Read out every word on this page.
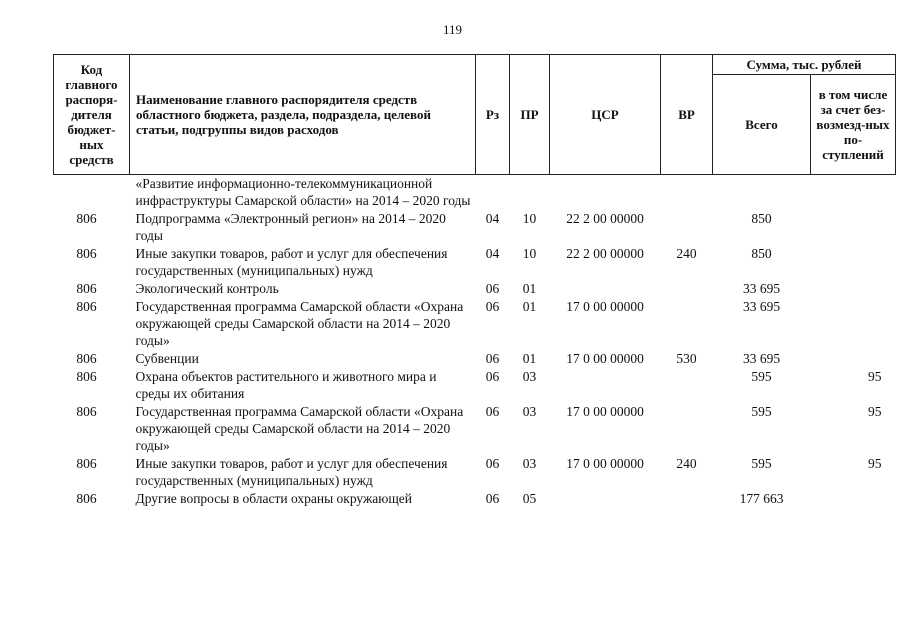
119
Код главного распоря-дителя бюджет-ных средств	Наименование главного распорядителя средств областного бюджета, раздела, подраздела, целевой статьи, подгруппы видов расходов	Рз	ПР	ЦСР	ВР	Сумма, тыс. рублей	
						Всего	в том числе за счет без-возмезд-ных по-ступлений
	«Развитие информационно-телекоммуникационной инфраструктуры Самарской области» на 2014 – 2020 годы						
806	Подпрограмма «Электронный регион» на 2014 – 2020 годы	04	10	22 2 00 00000		850	
806	Иные закупки товаров, работ и услуг для обеспечения государственных (муниципальных) нужд	04	10	22 2 00 00000	240	850	
806	Экологический контроль	06	01			33 695	
806	Государственная программа Самарской области «Охрана окружающей среды Самарской области на 2014 – 2020 годы»	06	01	17 0 00 00000		33 695	
806	Субвенции	06	01	17 0 00 00000	530	33 695	
806	Охрана объектов растительного и животного мира и среды их обитания	06	03			595	95
806	Государственная программа Самарской области «Охрана окружающей среды Самарской области на 2014 – 2020 годы»	06	03	17 0 00 00000		595	95
806	Иные закупки товаров, работ и услуг для обеспечения государственных (муниципальных) нужд	06	03	17 0 00 00000	240	595	95
806	Другие вопросы в области охраны окружающей	06	05			177 663	
